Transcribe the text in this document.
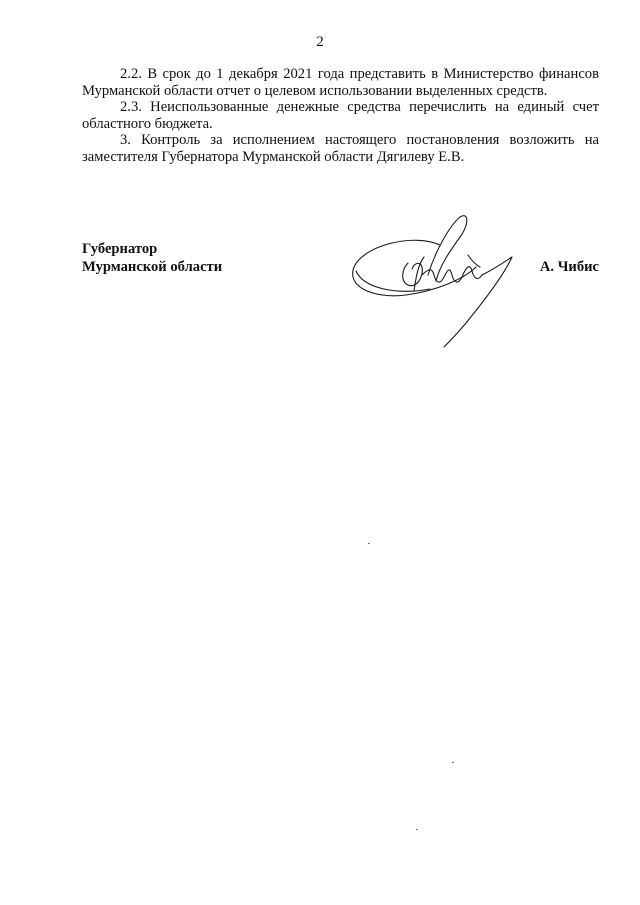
2

2.2. В срок до 1 декабря 2021 года представить в Министерство финансов Мурманской области отчет о целевом использовании выделенных средств.

2.3. Неиспользованные денежные средства перечислить на единый счет областного бюджета.

3. Контроль за исполнением настоящего постановления возложить на заместителя Губернатора Мурманской области Дягилеву Е.В.

Губернатор
Мурманской области	А. Чибис
